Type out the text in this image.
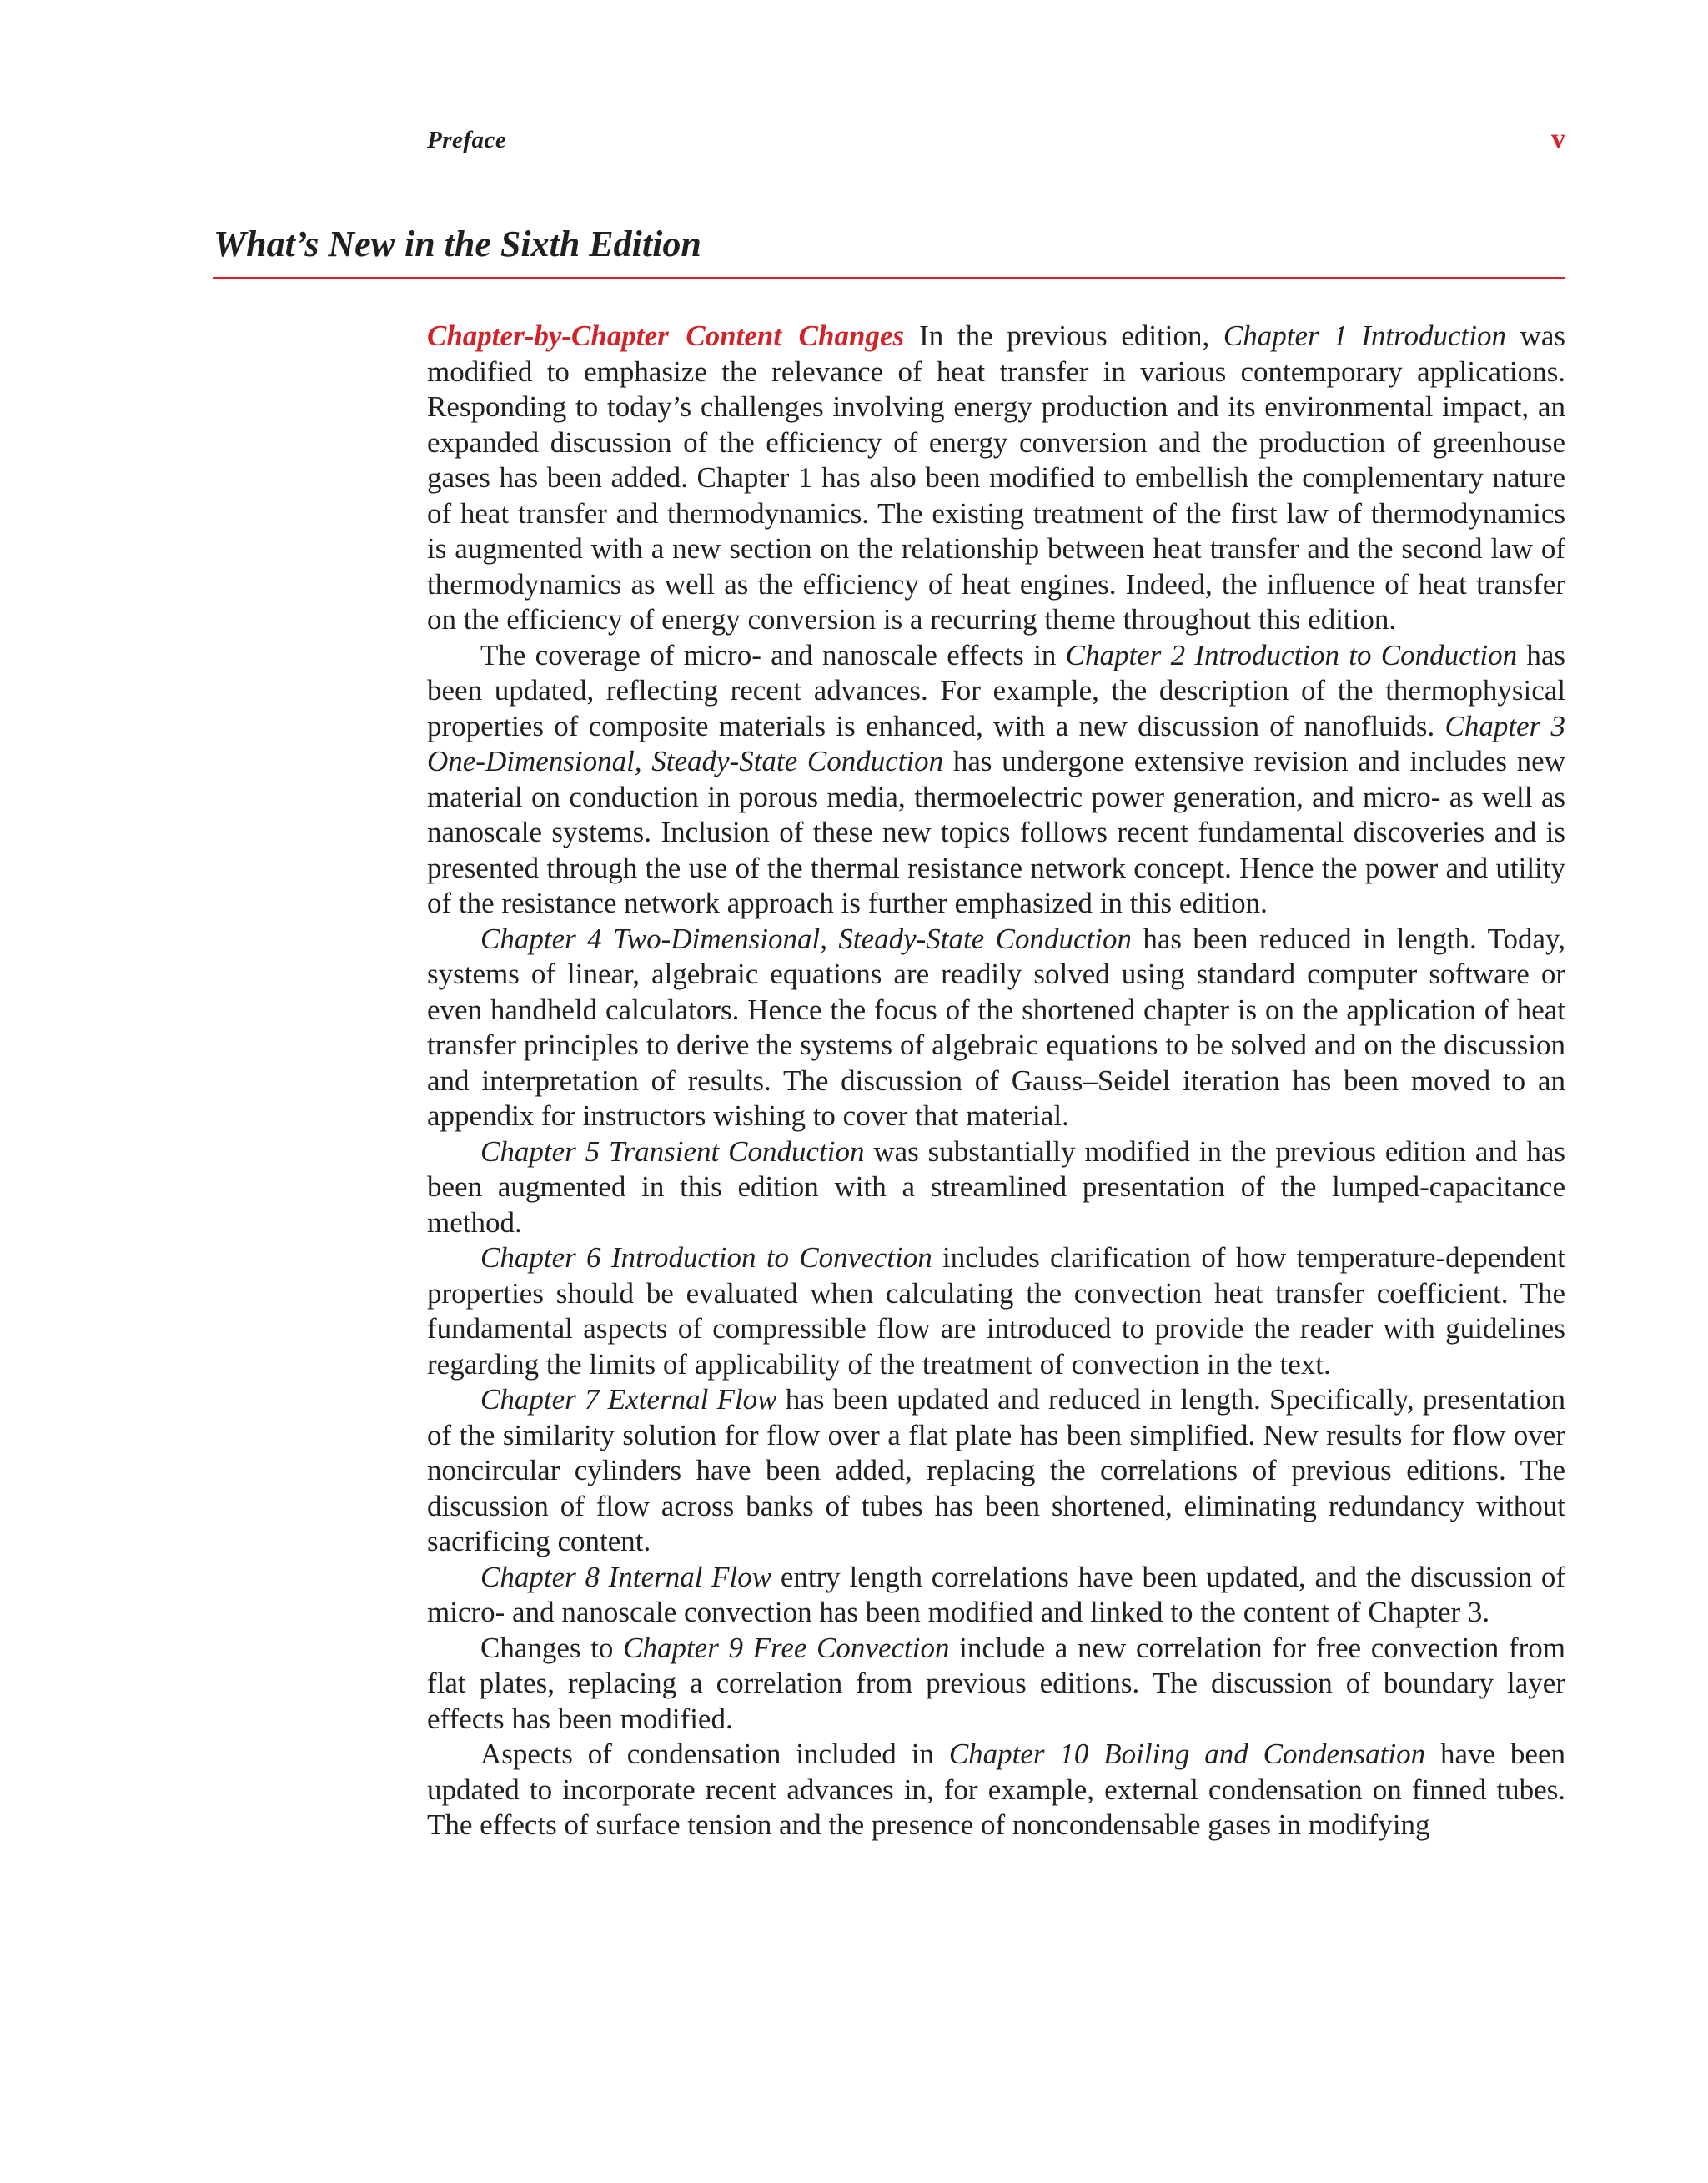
Preface	v
What’s New in the Sixth Edition

Chapter-by-Chapter Content Changes In the previous edition, Chapter 1 Introduction was modified to emphasize the relevance of heat transfer in various contemporary applications. Responding to today’s challenges involving energy production and its environmental impact, an expanded discussion of the efficiency of energy conversion and the production of greenhouse gases has been added. Chapter 1 has also been modified to embellish the complementary nature of heat transfer and thermodynamics. The existing treatment of the first law of thermodynamics is augmented with a new section on the relationship between heat transfer and the second law of thermodynamics as well as the efficiency of heat engines. Indeed, the influence of heat transfer on the efficiency of energy conversion is a recurring theme throughout this edition.

The coverage of micro- and nanoscale effects in Chapter 2 Introduction to Conduction has been updated, reflecting recent advances. For example, the description of the thermophysical properties of composite materials is enhanced, with a new discussion of nanofluids. Chapter 3 One-Dimensional, Steady-State Conduction has undergone extensive revision and includes new material on conduction in porous media, thermoelectric power generation, and micro- as well as nanoscale systems. Inclusion of these new topics follows recent fundamental discoveries and is presented through the use of the thermal resistance network concept. Hence the power and utility of the resistance network approach is further emphasized in this edition.

Chapter 4 Two-Dimensional, Steady-State Conduction has been reduced in length. Today, systems of linear, algebraic equations are readily solved using standard computer software or even handheld calculators. Hence the focus of the shortened chapter is on the application of heat transfer principles to derive the systems of algebraic equations to be solved and on the discussion and interpretation of results. The discussion of Gauss–Seidel iteration has been moved to an appendix for instructors wishing to cover that material.

Chapter 5 Transient Conduction was substantially modified in the previous edition and has been augmented in this edition with a streamlined presentation of the lumped-capacitance method.

Chapter 6 Introduction to Convection includes clarification of how temperature-dependent properties should be evaluated when calculating the convection heat transfer coefficient. The fundamental aspects of compressible flow are introduced to provide the reader with guidelines regarding the limits of applicability of the treatment of convection in the text.

Chapter 7 External Flow has been updated and reduced in length. Specifically, presentation of the similarity solution for flow over a flat plate has been simplified. New results for flow over noncircular cylinders have been added, replacing the correlations of previous editions. The discussion of flow across banks of tubes has been shortened, eliminating redundancy without sacrificing content.

Chapter 8 Internal Flow entry length correlations have been updated, and the discussion of micro- and nanoscale convection has been modified and linked to the content of Chapter 3.

Changes to Chapter 9 Free Convection include a new correlation for free convection from flat plates, replacing a correlation from previous editions. The discussion of boundary layer effects has been modified.

Aspects of condensation included in Chapter 10 Boiling and Condensation have been updated to incorporate recent advances in, for example, external condensation on finned tubes. The effects of surface tension and the presence of noncondensable gases in modifying
